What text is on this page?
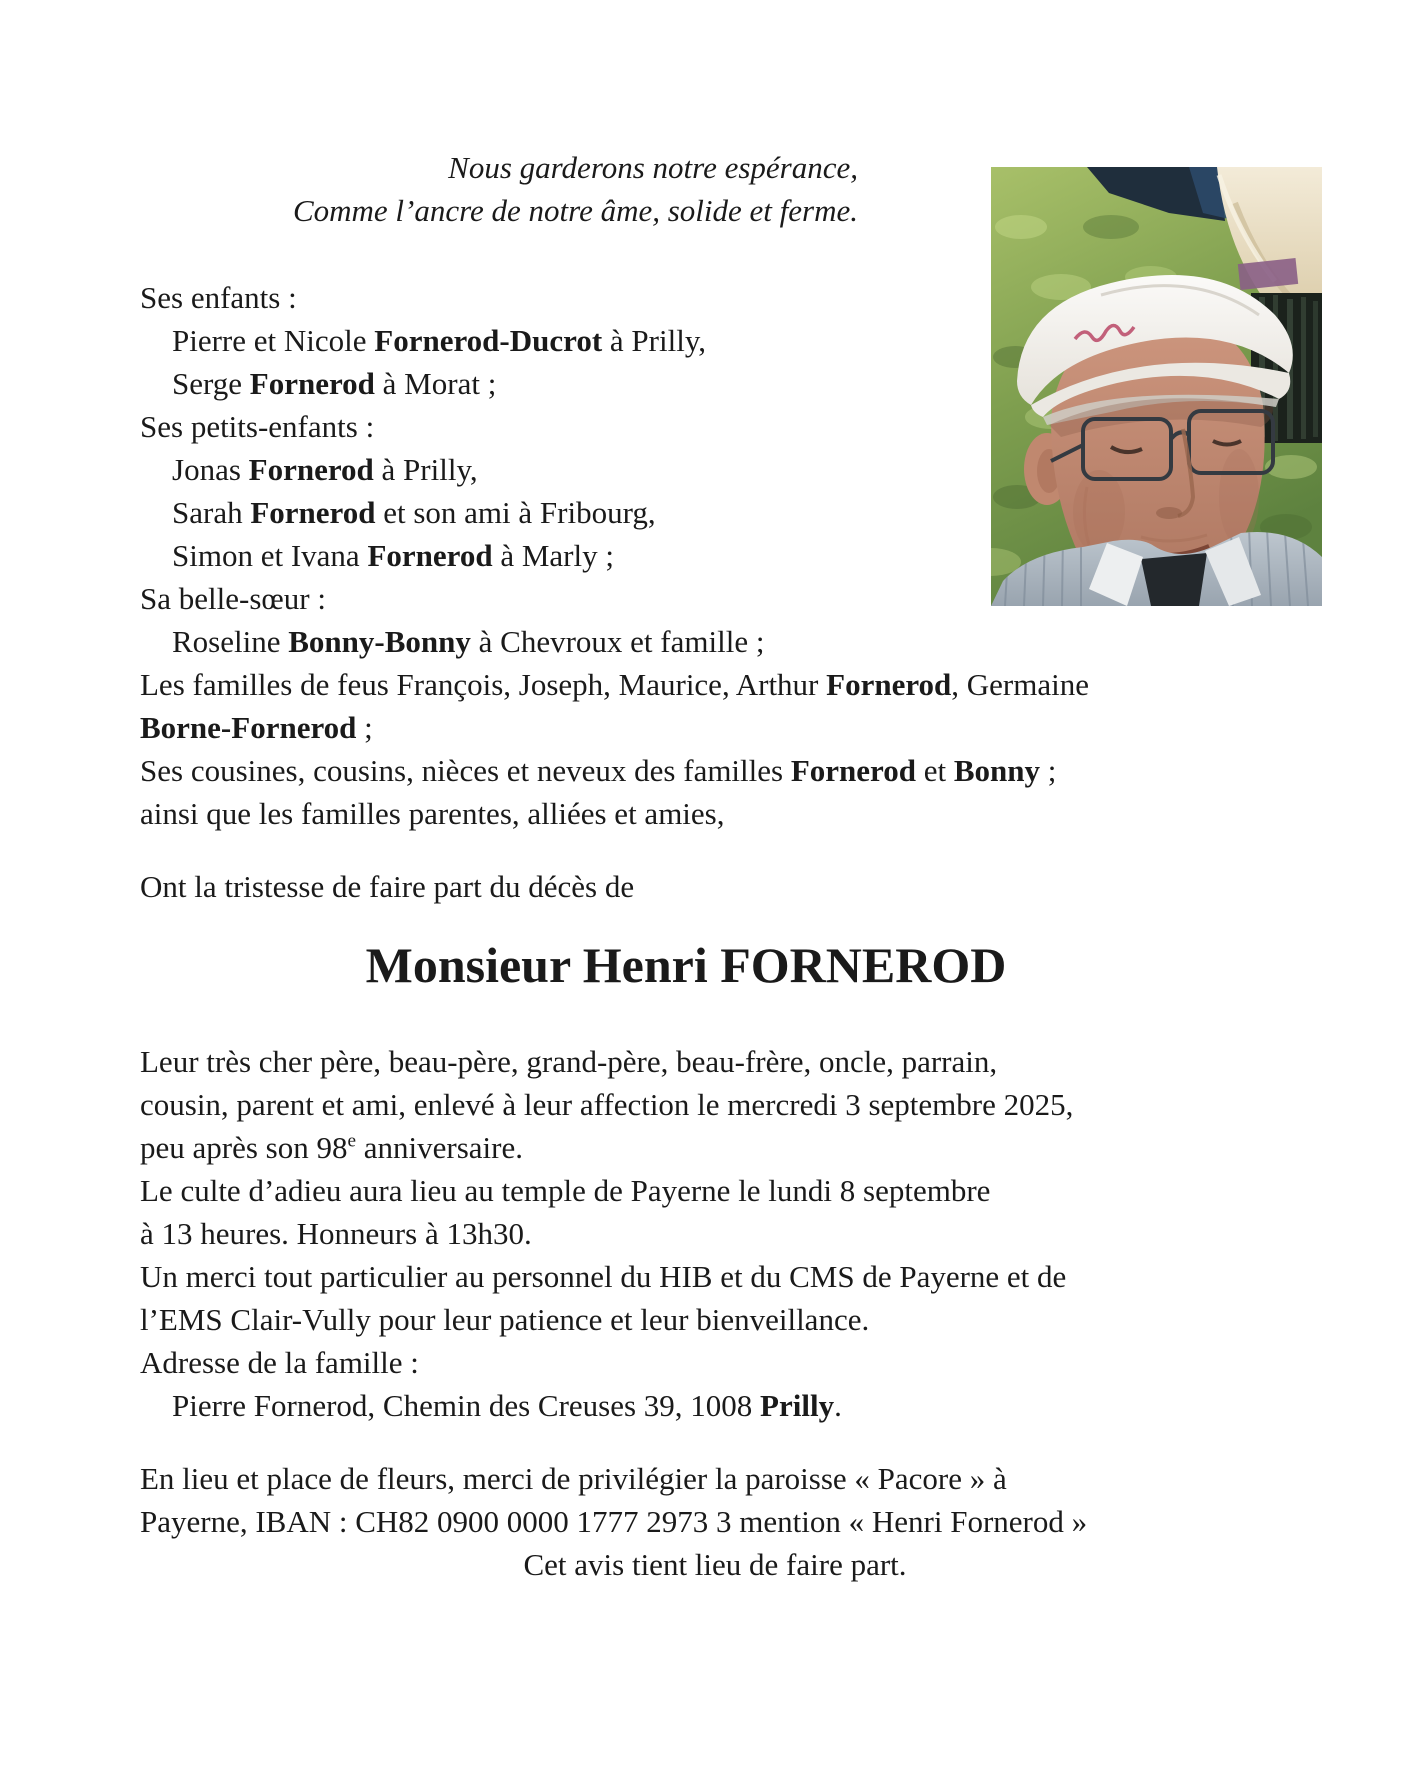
Nous garderons notre espérance,
Comme l’ancre de notre âme, solide et ferme.
Ses enfants :
Pierre et Nicole Fornerod-Ducrot à Prilly,
Serge Fornerod à Morat ;
Ses petits-enfants :
Jonas Fornerod à Prilly,
Sarah Fornerod et son ami à Fribourg,
Simon et Ivana Fornerod à Marly ;
Sa belle-sœur :
Roseline Bonny-Bonny à Chevroux et famille ;
Les familles de feus François, Joseph, Maurice, Arthur Fornerod, Germaine
Borne-Fornerod ;
Ses cousines, cousins, nièces et neveux des familles Fornerod et Bonny ;
ainsi que les familles parentes, alliées et amies,
Ont la tristesse de faire part du décès de
Monsieur Henri FORNEROD
Leur très cher père, beau-père, grand-père, beau-frère, oncle, parrain,
cousin, parent et ami, enlevé à leur affection le mercredi 3 septembre 2025,
peu après son 98e anniversaire.
Le culte d’adieu aura lieu au temple de Payerne le lundi 8 septembre
à 13 heures. Honneurs à 13h30.
Un merci tout particulier au personnel du HIB et du CMS de Payerne et de
l’EMS Clair-Vully pour leur patience et leur bienveillance.
Adresse de la famille :
Pierre Fornerod, Chemin des Creuses 39, 1008 Prilly.
En lieu et place de fleurs, merci de privilégier la paroisse « Pacore » à
Payerne, IBAN : CH82 0900 0000 1777 2973 3 mention « Henri Fornerod »
Cet avis tient lieu de faire part.
